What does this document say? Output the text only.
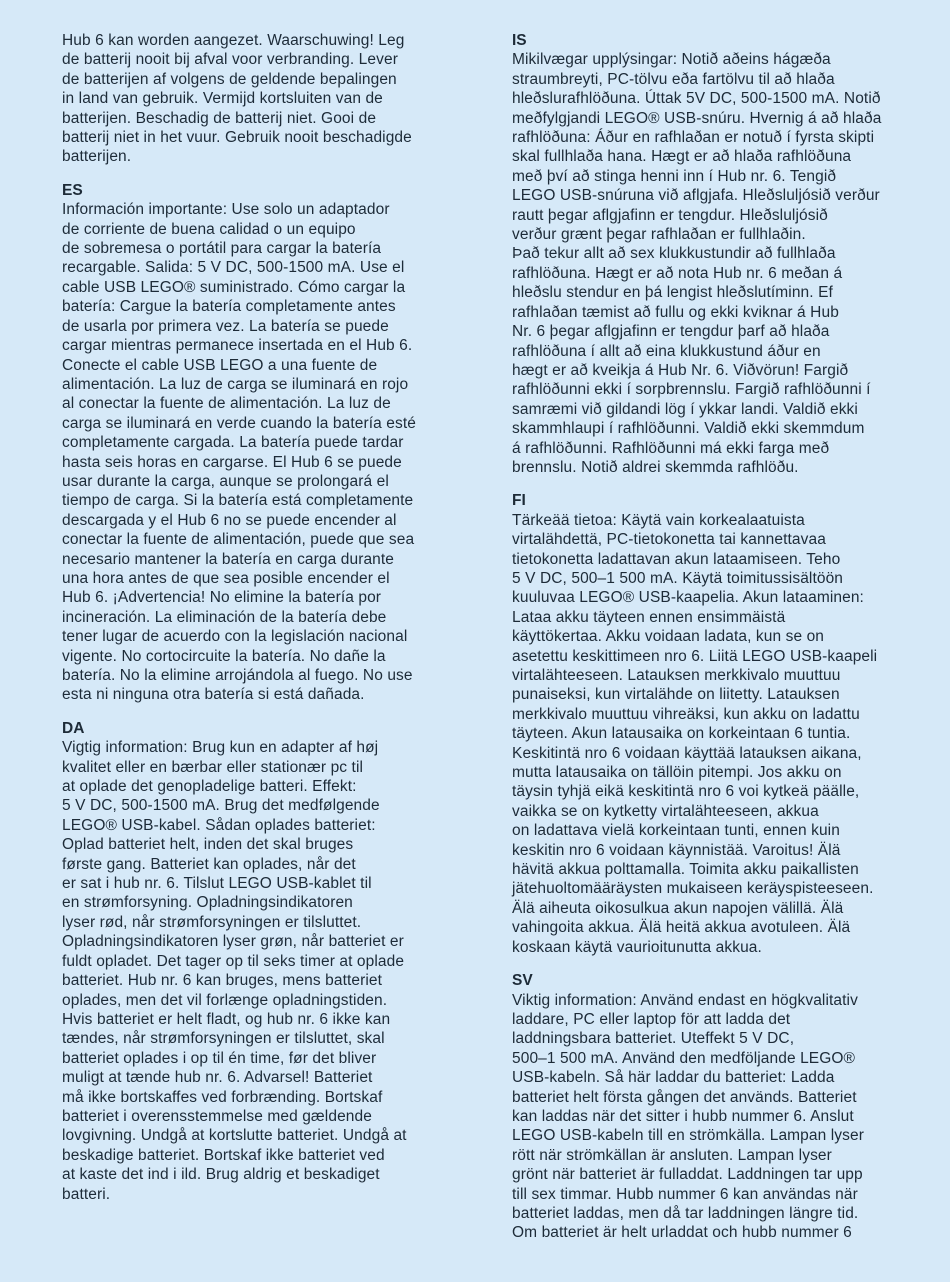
Hub 6 kan worden aangezet. Waarschuwing! Leg
de batterij nooit bij afval voor verbranding. Lever
de batterijen af volgens de geldende bepalingen
in land van gebruik. Vermijd kortsluiten van de
batterijen. Beschadig de batterij niet. Gooi de
batterij niet in het vuur. Gebruik nooit beschadigde
batterijen.
ES
Información importante: Use solo un adaptador
de corriente de buena calidad o un equipo
de sobremesa o portátil para cargar la batería
recargable. Salida: 5 V DC, 500-1500 mA. Use el
cable USB LEGO® suministrado. Cómo cargar la
batería: Cargue la batería completamente antes
de usarla por primera vez. La batería se puede
cargar mientras permanece insertada en el Hub 6.
Conecte el cable USB LEGO a una fuente de
alimentación. La luz de carga se iluminará en rojo
al conectar la fuente de alimentación. La luz de
carga se iluminará en verde cuando la batería esté
completamente cargada. La batería puede tardar
hasta seis horas en cargarse. El Hub 6 se puede
usar durante la carga, aunque se prolongará el
tiempo de carga. Si la batería está completamente
descargada y el Hub 6 no se puede encender al
conectar la fuente de alimentación, puede que sea
necesario mantener la batería en carga durante
una hora antes de que sea posible encender el
Hub 6. ¡Advertencia! No elimine la batería por
incineración. La eliminación de la batería debe
tener lugar de acuerdo con la legislación nacional
vigente. No cortocircuite la batería. No dañe la
batería. No la elimine arrojándola al fuego. No use
esta ni ninguna otra batería si está dañada.
DA
Vigtig information: Brug kun en adapter af høj
kvalitet eller en bærbar eller stationær pc til
at oplade det genopladelige batteri. Effekt:
5 V DC, 500-1500 mA. Brug det medfølgende
LEGO® USB-kabel. Sådan oplades batteriet:
Oplad batteriet helt, inden det skal bruges
første gang. Batteriet kan oplades, når det
er sat i hub nr. 6. Tilslut LEGO USB-kablet til
en strømforsyning. Opladningsindikatoren
lyser rød, når strømforsyningen er tilsluttet.
Opladningsindikatoren lyser grøn, når batteriet er
fuldt opladet. Det tager op til seks timer at oplade
batteriet. Hub nr. 6 kan bruges, mens batteriet
oplades, men det vil forlænge opladningstiden.
Hvis batteriet er helt fladt, og hub nr. 6 ikke kan
tændes, når strømforsyningen er tilsluttet, skal
batteriet oplades i op til én time, før det bliver
muligt at tænde hub nr. 6. Advarsel! Batteriet
må ikke bortskaffes ved forbrænding. Bortskaf
batteriet i overensstemmelse med gældende
lovgivning. Undgå at kortslutte batteriet. Undgå at
beskadige batteriet. Bortskaf ikke batteriet ved
at kaste det ind i ild. Brug aldrig et beskadiget
batteri.
IS
Mikilvægar upplýsingar: Notið aðeins hágæða
straumbreyti, PC-tölvu eða fartölvu til að hlaða
hleðslurafhlöðuna. Úttak 5V DC, 500-1500 mA. Notið
meðfylgjandi LEGO® USB-snúru. Hvernig á að hlaða
rafhlöðuna: Áður en rafhlaðan er notuð í fyrsta skipti
skal fullhlaða hana. Hægt er að hlaða rafhlöðuna
með því að stinga henni inn í Hub nr. 6. Tengið
LEGO USB-snúruna við aflgjafa. Hleðsluljósið verður
rautt þegar aflgjafinn er tengdur. Hleðsluljósið
verður grænt þegar rafhlaðan er fullhlaðin.
Það tekur allt að sex klukkustundir að fullhlaða
rafhlöðuna. Hægt er að nota Hub nr. 6 meðan á
hleðslu stendur en þá lengist hleðslutíminn. Ef
rafhlaðan tæmist að fullu og ekki kviknar á Hub
Nr. 6 þegar aflgjafinn er tengdur þarf að hlaða
rafhlöðuna í allt að eina klukkustund áður en
hægt er að kveikja á Hub Nr. 6. Viðvörun! Fargið
rafhlöðunni ekki í sorpbrennslu. Fargið rafhlöðunni í
samræmi við gildandi lög í ykkar landi. Valdið ekki
skammhlaupi í rafhlöðunni. Valdið ekki skemmdum
á rafhlöðunni. Rafhlöðunni má ekki farga með
brennslu. Notið aldrei skemmda rafhlöðu.
FI
Tärkeää tietoa: Käytä vain korkealaatuista
virtalähdettä, PC-tietokonetta tai kannettavaa
tietokonetta ladattavan akun lataamiseen. Teho
5 V DC, 500–1 500 mA. Käytä toimitussisältöön
kuuluvaa LEGO® USB-kaapelia. Akun lataaminen:
Lataa akku täyteen ennen ensimmäistä
käyttökertaa. Akku voidaan ladata, kun se on
asetettu keskittimeen nro 6. Liitä LEGO USB-kaapeli
virtalähteeseen. Latauksen merkkivalo muuttuu
punaiseksi, kun virtalähde on liitetty. Latauksen
merkkivalo muuttuu vihreäksi, kun akku on ladattu
täyteen. Akun latausaika on korkeintaan 6 tuntia.
Keskitintä nro 6 voidaan käyttää latauksen aikana,
mutta latausaika on tällöin pitempi. Jos akku on
täysin tyhjä eikä keskitintä nro 6 voi kytkeä päälle,
vaikka se on kytketty virtalähteeseen, akkua
on ladattava vielä korkeintaan tunti, ennen kuin
keskitin nro 6 voidaan käynnistää. Varoitus! Älä
hävitä akkua polttamalla. Toimita akku paikallisten
jätehuoltomääräysten mukaiseen keräyspisteeseen.
Älä aiheuta oikosulkua akun napojen välillä. Älä
vahingoita akkua. Älä heitä akkua avotuleen. Älä
koskaan käytä vaurioitunutta akkua.
SV
Viktig information: Använd endast en högkvalitativ
laddare, PC eller laptop för att ladda det
laddningsbara batteriet. Uteffekt 5 V DC,
500–1 500 mA. Använd den medföljande LEGO®
USB-kabeln. Så här laddar du batteriet: Ladda
batteriet helt första gången det används. Batteriet
kan laddas när det sitter i hubb nummer 6. Anslut
LEGO USB-kabeln till en strömkälla. Lampan lyser
rött när strömkällan är ansluten. Lampan lyser
grönt när batteriet är fulladdat. Laddningen tar upp
till sex timmar. Hubb nummer 6 kan användas när
batteriet laddas, men då tar laddningen längre tid.
Om batteriet är helt urladdat och hubb nummer 6
